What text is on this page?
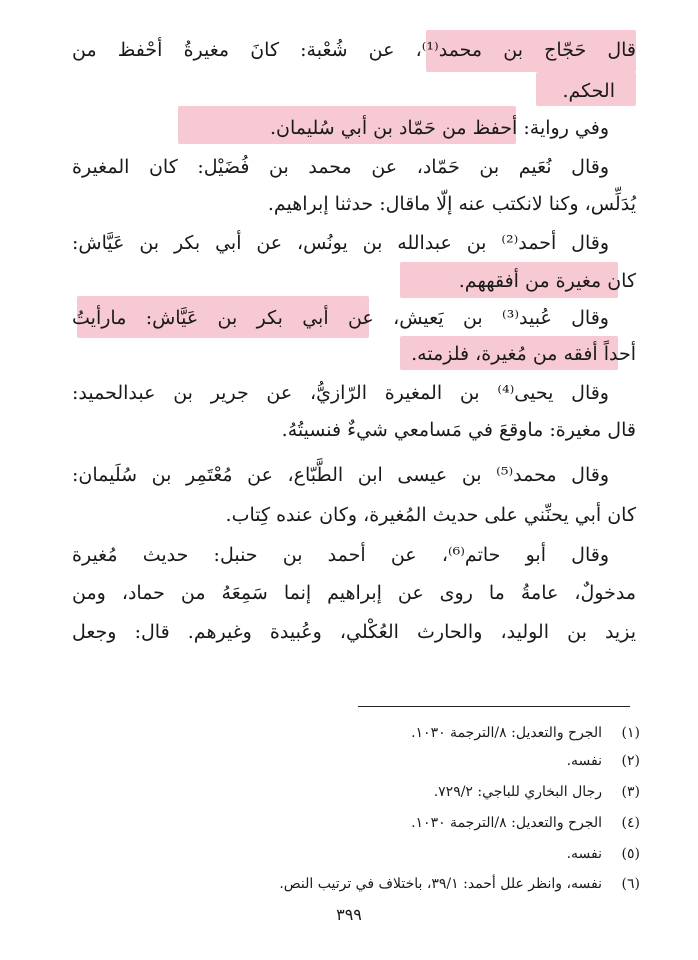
قال حَجّاج بن محمد⁽¹⁾، عن شُعْبة: كانَ مغيرةُ أحْفظ من
الحكم.
وفي رواية: أحفظ من حَمّاد بن أبي سُليمان.
وقال نُعَيم بن حَمّاد، عن محمد بن فُضَيْل: كان المغيرة
يُدَلِّس، وكنا لانكتب عنه إلّا ماقال: حدثنا إبراهيم.
وقال أحمد⁽²⁾ بن عبدالله بن يونُس، عن أبي بكر بن عَيَّاش:
كان مغيرة من أفقههم.
وقال عُبيد⁽³⁾ بن يَعيش، عن أبي بكر بن عَيَّاش: مارأيتُ
أحداً أفقه من مُغيرة، فلزمته.
وقال يحيى⁽⁴⁾ بن المغيرة الرّازيُّ، عن جرير بن عبدالحميد:
قال مغيرة: ماوقعَ في مَسامعي شيءٌ فنسيتُهُ.
وقال محمد⁽⁵⁾ بن عيسى ابن الطَّبّاع، عن مُعْتَمِر بن سُلَيمان:
كان أبي يحنِّني على حديث المُغيرة، وكان عنده كِتاب.
وقال أبو حاتم⁽⁶⁾، عن أحمد بن حنبل: حديث مُغيرة
مدخولٌ، عامةُ ما روى عن إبراهيم إنما سَمِعَهُ من حماد، ومن
يزيد بن الوليد، والحارث العُكْلي، وعُبيدة وغيرهم. قال: وجعل
(١)الجرح والتعديل: ٨/الترجمة ١٠٣٠.
(٢)نفسه.
(٣)رجال البخاري للباجي: ٧٢٩/٢.
(٤)الجرح والتعديل: ٨/الترجمة ١٠٣٠.
(٥)نفسه.
(٦)نفسه، وانظر علل أحمد: ٣٩/١، باختلاف في ترتيب النص.
٣٩٩
